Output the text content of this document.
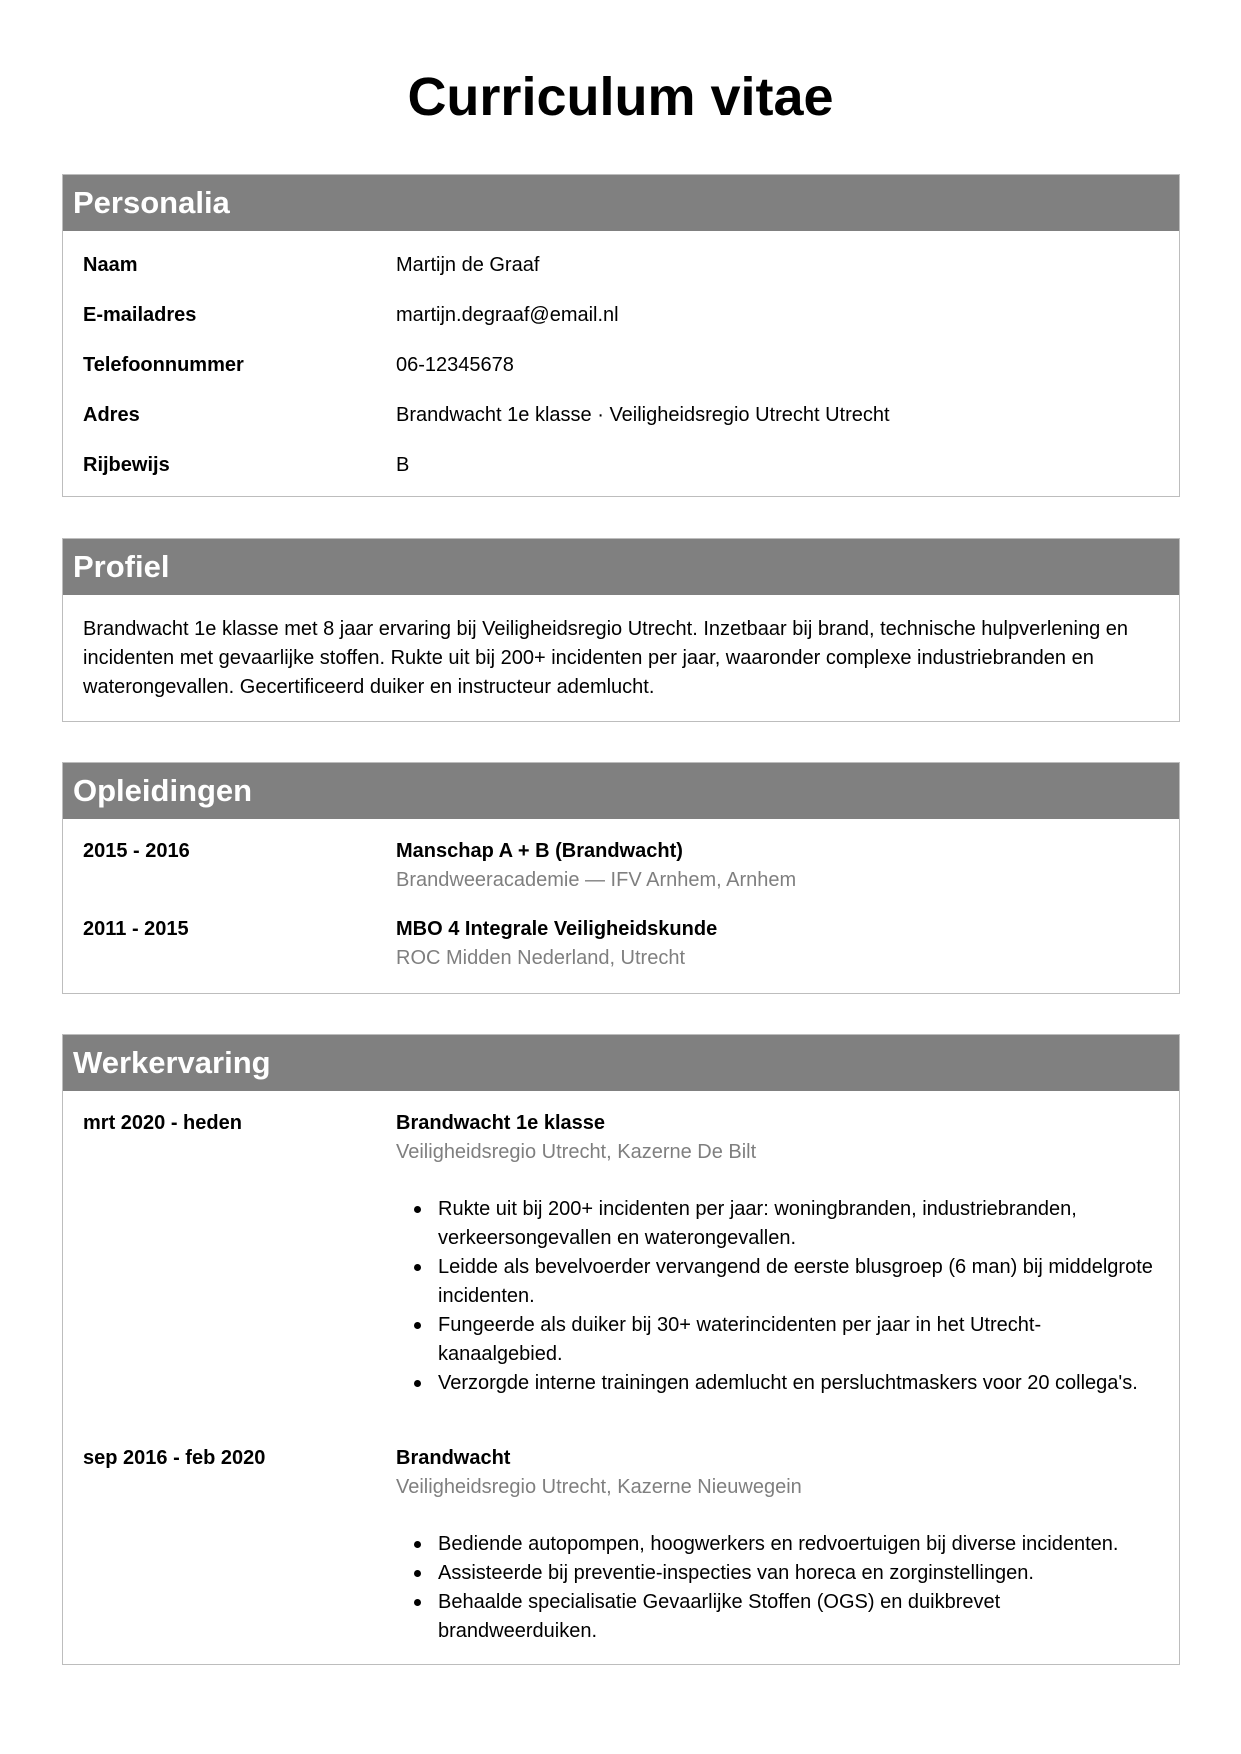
Curriculum vitae
Personalia
Naam	Martijn de Graaf
E-mailadres	martijn.degraaf@email.nl
Telefoonnummer	06-12345678
Adres	Brandwacht 1e klasse · Veiligheidsregio Utrecht Utrecht
Rijbewijs	B
Profiel
Brandwacht 1e klasse met 8 jaar ervaring bij Veiligheidsregio Utrecht. Inzetbaar bij brand, technische hulpverlening en incidenten met gevaarlijke stoffen. Rukte uit bij 200+ incidenten per jaar, waaronder complexe industriebranden en waterongevallen. Gecertificeerd duiker en instructeur ademlucht.
Opleidingen
2015 - 2016	Manschap A + B (Brandwacht)
Brandweeracademie — IFV Arnhem, Arnhem
2011 - 2015	MBO 4 Integrale Veiligheidskunde
ROC Midden Nederland, Utrecht
Werkervaring
mrt 2020 - heden	Brandwacht 1e klasse
Veiligheidsregio Utrecht, Kazerne De Bilt
Rukte uit bij 200+ incidenten per jaar: woningbranden, industriebranden, verkeersongevallen en waterongevallen.
Leidde als bevelvoerder vervangend de eerste blusgroep (6 man) bij middelgrote incidenten.
Fungeerde als duiker bij 30+ waterincidenten per jaar in het Utrecht-kanaalgebied.
Verzorgde interne trainingen ademlucht en persluchtmaskers voor 20 collega's.
sep 2016 - feb 2020	Brandwacht
Veiligheidsregio Utrecht, Kazerne Nieuwegein
Bediende autopompen, hoogwerkers en redvoertuigen bij diverse incidenten.
Assisteerde bij preventie-inspecties van horeca en zorginstellingen.
Behaalde specialisatie Gevaarlijke Stoffen (OGS) en duikbrevet brandweerduiken.
